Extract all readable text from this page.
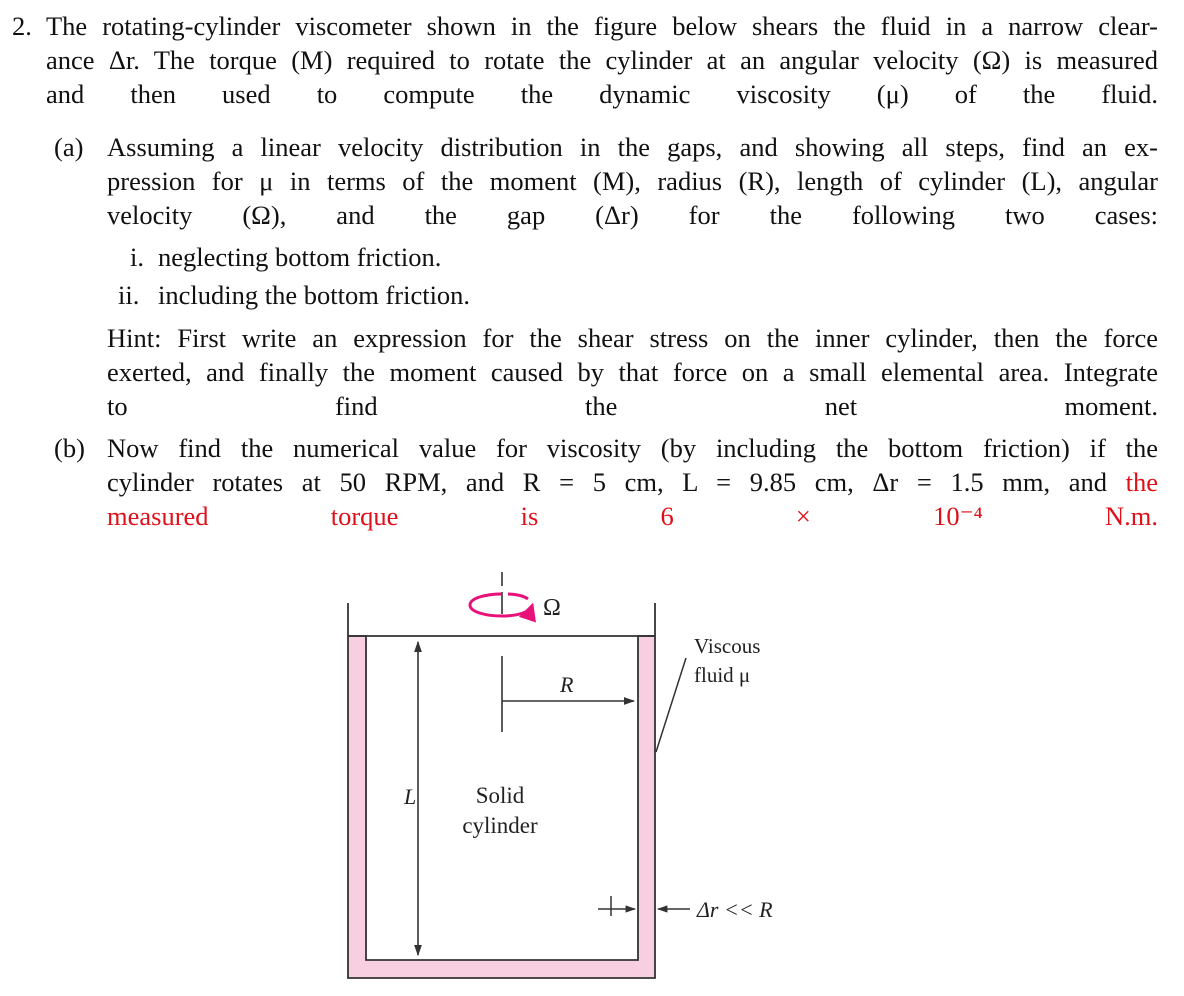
2. The rotating-cylinder viscometer shown in the figure below shears the fluid in a narrow clear-
ance Δr. The torque (M) required to rotate the cylinder at an angular velocity (Ω) is measured
and then used to compute the dynamic viscosity (μ) of the fluid.
(a) Assuming a linear velocity distribution in the gaps, and showing all steps, find an ex-
pression for μ in terms of the moment (M), radius (R), length of cylinder (L), angular
velocity (Ω), and the gap (Δr) for the following two cases:
i. neglecting bottom friction.
ii. including the bottom friction.
Hint: First write an expression for the shear stress on the inner cylinder, then the force
exerted, and finally the moment caused by that force on a small elemental area. Integrate
to find the net moment.
(b) Now find the numerical value for viscosity (by including the bottom friction) if the
cylinder rotates at 50 RPM, and R = 5 cm, L = 9.85 cm, Δr = 1.5 mm, and the
measured torque is 6 × 10⁻⁴ N.m.
Ω
R
L	Solid
cylinder
Viscous
fluid μ
Δr << R
